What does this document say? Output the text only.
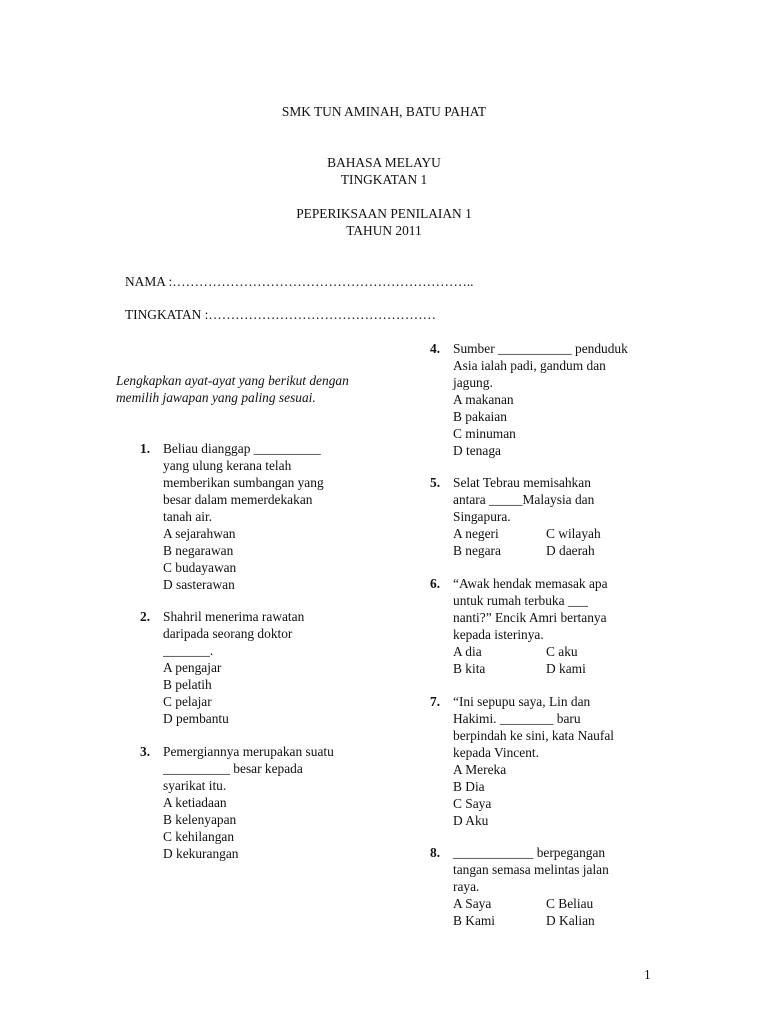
SMK TUN AMINAH, BATU PAHAT
BAHASA MELAYU
TINGKATAN 1
PEPERIKSAAN PENILAIAN 1
TAHUN 2011
NAMA :…………………………………………………………..
TINGKATAN :……………………………………………
Lengkapkan ayat-ayat yang berikut dengan memilih jawapan yang paling sesuai.
1. Beliau dianggap __________
yang ulung kerana telah
memberikan sumbangan yang
besar dalam memerdekakan
tanah air.
A sejarahwan
B negarawan
C budayawan
D sasterawan
2. Shahril menerima rawatan
daripada seorang doktor
_______.
A pengajar
B pelatih
C pelajar
D pembantu
3. Pemergiannya merupakan suatu
__________ besar kepada
syarikat itu.
A ketiadaan
B kelenyapan
C kehilangan
D kekurangan
4. Sumber ___________ penduduk
Asia ialah padi, gandum dan
jagung.
A makanan
B pakaian
C minuman
D tenaga
5. Selat Tebrau memisahkan
antara _____Malaysia dan
Singapura.
A negeri	C wilayah
B negara	D daerah
6. “Awak hendak memasak apa
untuk rumah terbuka ___
nanti?” Encik Amri bertanya
kepada isterinya.
A dia	C aku
B kita	D kami
7. “Ini sepupu saya, Lin dan
Hakimi. ________ baru
berpindah ke sini, kata Naufal
kepada Vincent.
A Mereka
B Dia
C Saya
D Aku
8. ____________ berpegangan
tangan semasa melintas jalan
raya.
A Saya	C Beliau
B Kami	D Kalian
1
